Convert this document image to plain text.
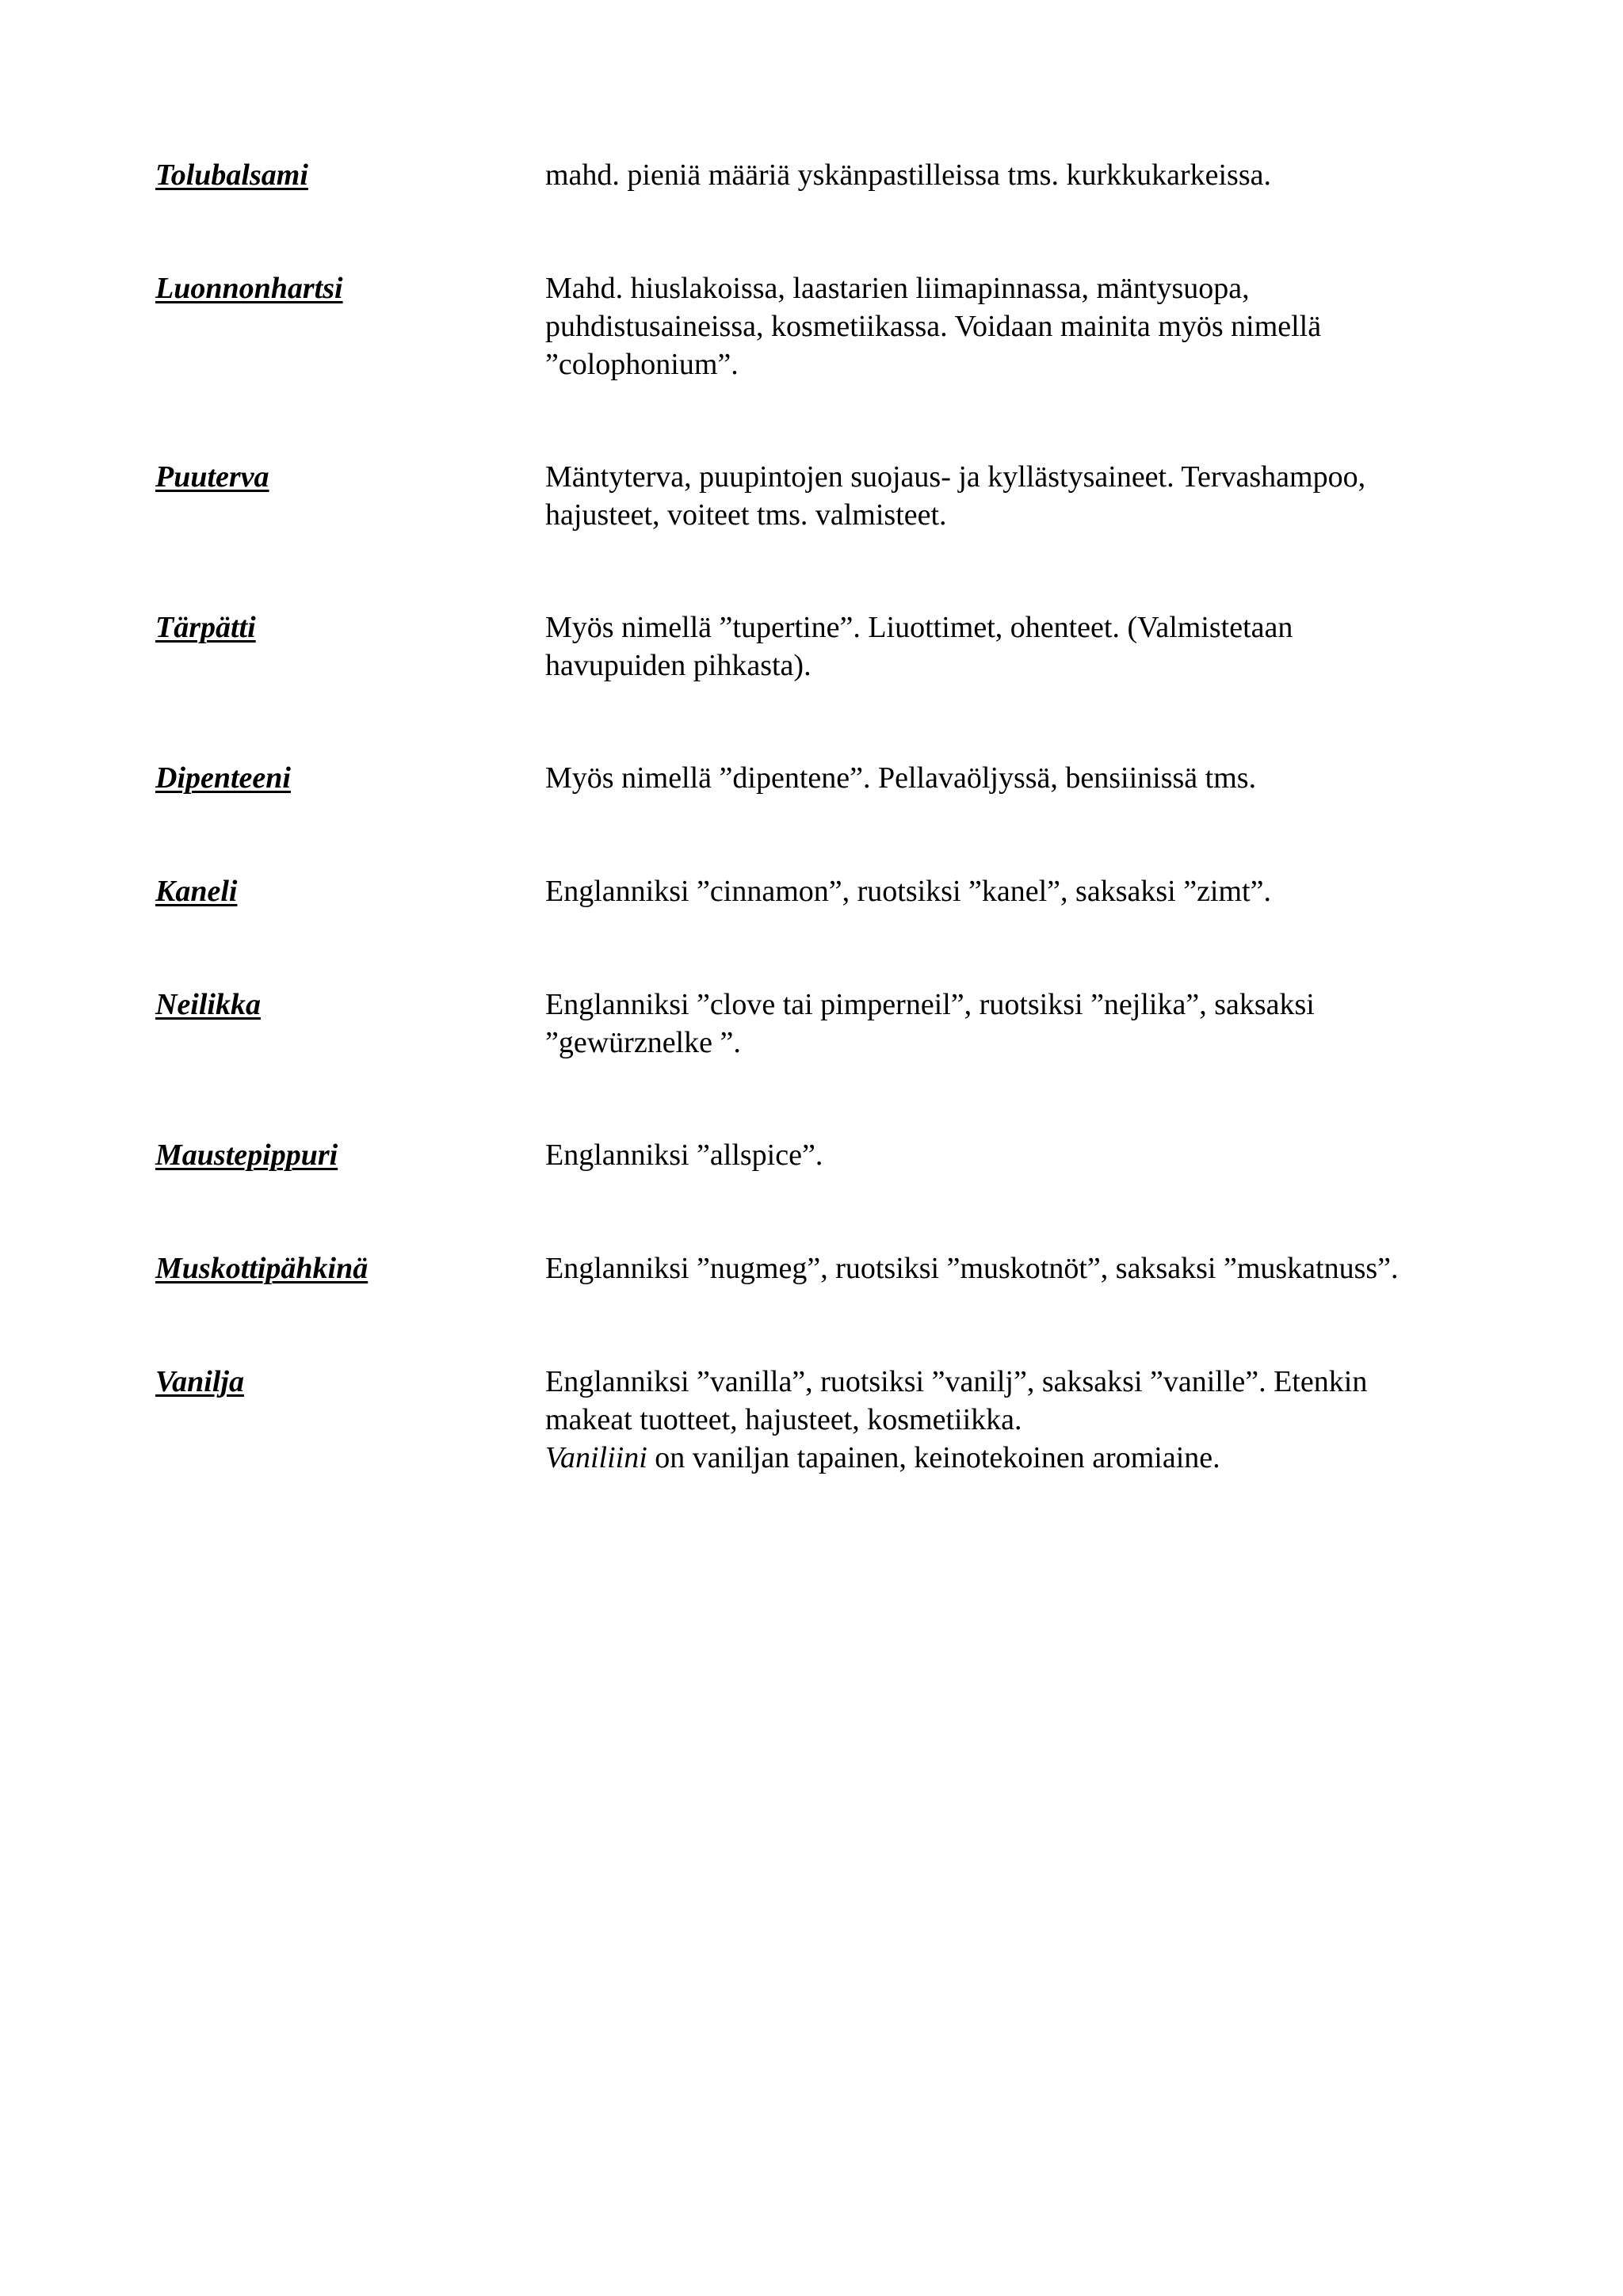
Tolubalsami	mahd. pieniä määriä yskänpastilleissa tms. kurkkukarkeissa.

Luonnonhartsi	Mahd. hiuslakoissa, laastarien liimapinnassa, mäntysuopa,

puhdistusaineissa, kosmetiikassa. Voidaan mainita myös nimellä

”colophonium”.

Puuterva	Mäntyterva, puupintojen suojaus- ja kyllästysaineet. Tervashampoo,

hajusteet, voiteet tms. valmisteet.

Tärpätti	Myös nimellä ”tupertine”. Liuottimet, ohenteet. (Valmistetaan

havupuiden pihkasta).

Dipenteeni	Myös nimellä ”dipentene”. Pellavaöljyssä, bensiinissä tms.

Kaneli	Englanniksi ”cinnamon”, ruotsiksi ”kanel”, saksaksi ”zimt”.

Neilikka	Englanniksi ”clove tai pimperneil”, ruotsiksi ”nejlika”, saksaksi

”gewürznelke ”.

Maustepippuri	Englanniksi ”allspice”.

Muskottipähkinä	Englanniksi ”nugmeg”, ruotsiksi ”muskotnöt”, saksaksi ”muskatnuss”.

Vanilja	Englanniksi ”vanilla”, ruotsiksi ”vanilj”, saksaksi ”vanille”. Etenkin

makeat tuotteet, hajusteet, kosmetiikka.

Vaniliini on vaniljan tapainen, keinotekoinen aromiaine.
